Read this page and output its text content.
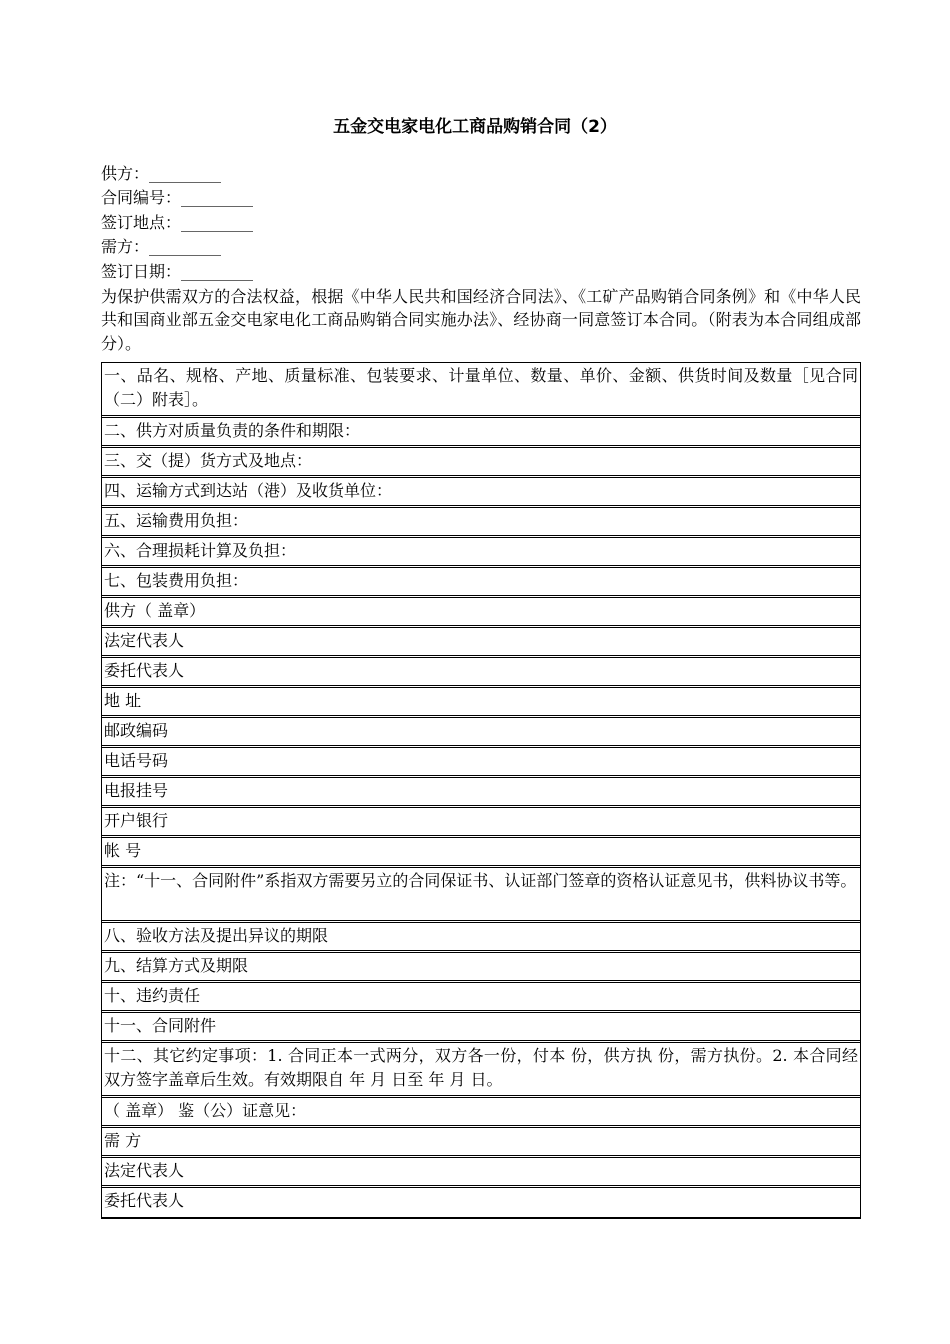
五金交电家电化工商品购销合同（2）
供方：_________
合同编号：_________
签订地点：_________
需方：_________
签订日期：_________
为保护供需双方的合法权益，根据《中华人民共和国经济合同法》、《工矿产品购销合同条例》和《中华人民共和国商业部五金交电家电化工商品购销合同实施办法》、经协商一同意签订本合同。（附表为本合同组成部分）。
一、品名、规格、产地、质量标准、包装要求、计量单位、数量、单价、金额、供货时间及数量［见合同（二）附表］。
二、供方对质量负责的条件和期限：
三、交（提）货方式及地点：
四、运输方式到达站（港）及收货单位：
五、运输费用负担：
六、合理损耗计算及负担：
七、包装费用负担：
供方（ 盖章）
法定代表人
委托代表人
地 址
邮政编码
电话号码
电报挂号
开户银行
帐 号
注：“十一、合同附件”系指双方需要另立的合同保证书、认证部门签章的资格认证意见书，供料协议书等。
八、验收方法及提出异议的期限
九、结算方式及期限
十、违约责任
十一、合同附件
十二、其它约定事项：1. 合同正本一式两分，双方各一份，付本 份，供方执 份，需方执份。2. 本合同经双方签字盖章后生效。有效期限自 年 月 日至 年 月 日。
（ 盖章） 鉴（公）证意见：
需 方
法定代表人
委托代表人
